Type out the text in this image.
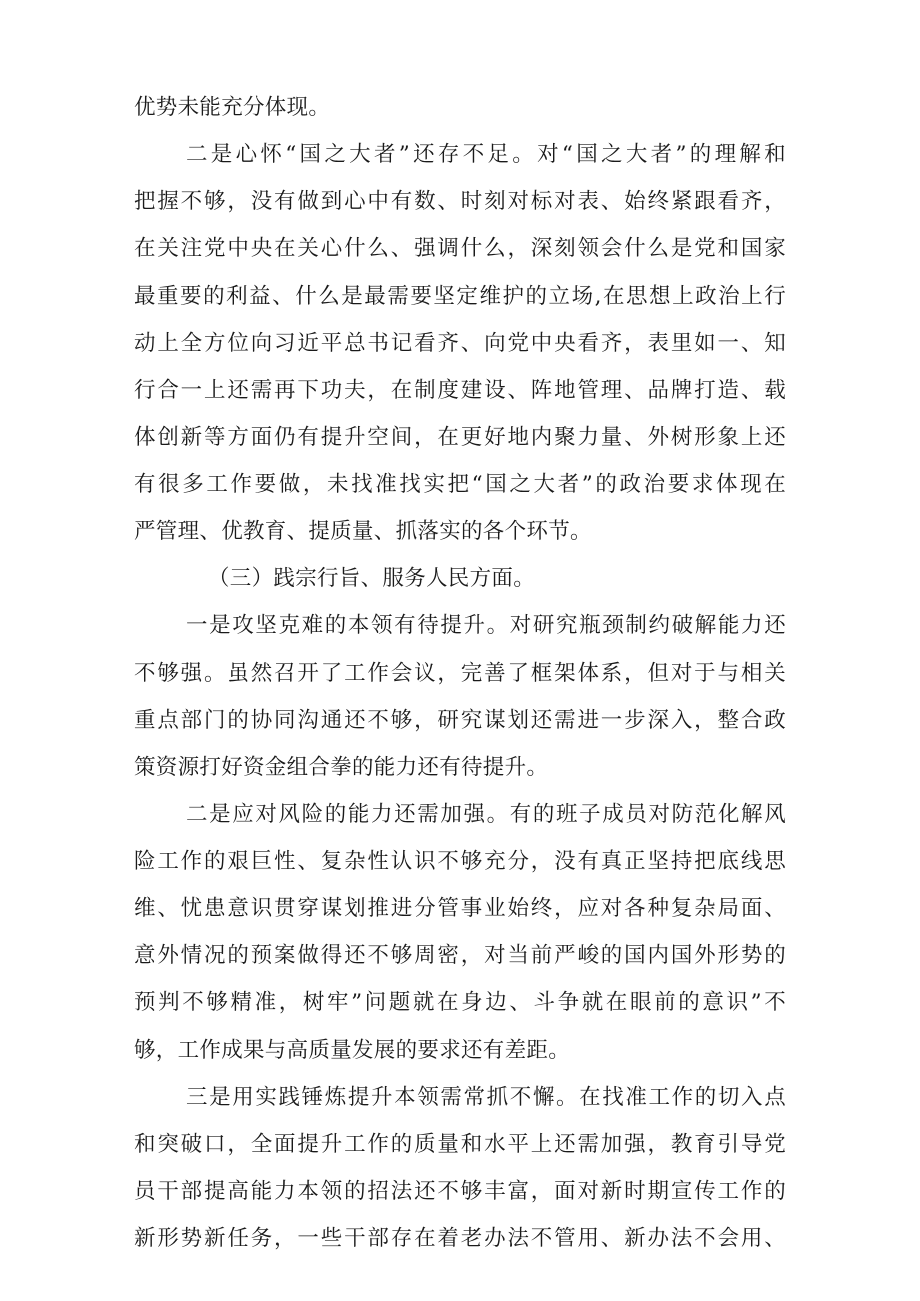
优势未能充分体现。
二是心怀“国之大者”还存不足。对“国之大者”的理解和
把握不够，没有做到心中有数、时刻对标对表、始终紧跟看齐，
在关注党中央在关心什么、强调什么，深刻领会什么是党和国家
最重要的利益、什么是最需要坚定维护的立场,在思想上政治上行
动上全方位向习近平总书记看齐、向党中央看齐，表里如一、知
行合一上还需再下功夫，在制度建设、阵地管理、品牌打造、载
体创新等方面仍有提升空间，在更好地内聚力量、外树形象上还
有很多工作要做，未找准找实把“国之大者”的政治要求体现在
严管理、优教育、提质量、抓落实的各个环节。
（三）践宗行旨、服务人民方面。
一是攻坚克难的本领有待提升。对研究瓶颈制约破解能力还
不够强。虽然召开了工作会议，完善了框架体系，但对于与相关
重点部门的协同沟通还不够，研究谋划还需进一步深入，整合政
策资源打好资金组合拳的能力还有待提升。
二是应对风险的能力还需加强。有的班子成员对防范化解风
险工作的艰巨性、复杂性认识不够充分，没有真正坚持把底线思
维、忧患意识贯穿谋划推进分管事业始终，应对各种复杂局面、
意外情况的预案做得还不够周密，对当前严峻的国内国外形势的
预判不够精准，树牢”问题就在身边、斗争就在眼前的意识”不
够，工作成果与高质量发展的要求还有差距。
三是用实践锤炼提升本领需常抓不懈。在找准工作的切入点
和突破口，全面提升工作的质量和水平上还需加强，教育引导党
员干部提高能力本领的招法还不够丰富，面对新时期宣传工作的
新形势新任务，一些干部存在着老办法不管用、新办法不会用、
